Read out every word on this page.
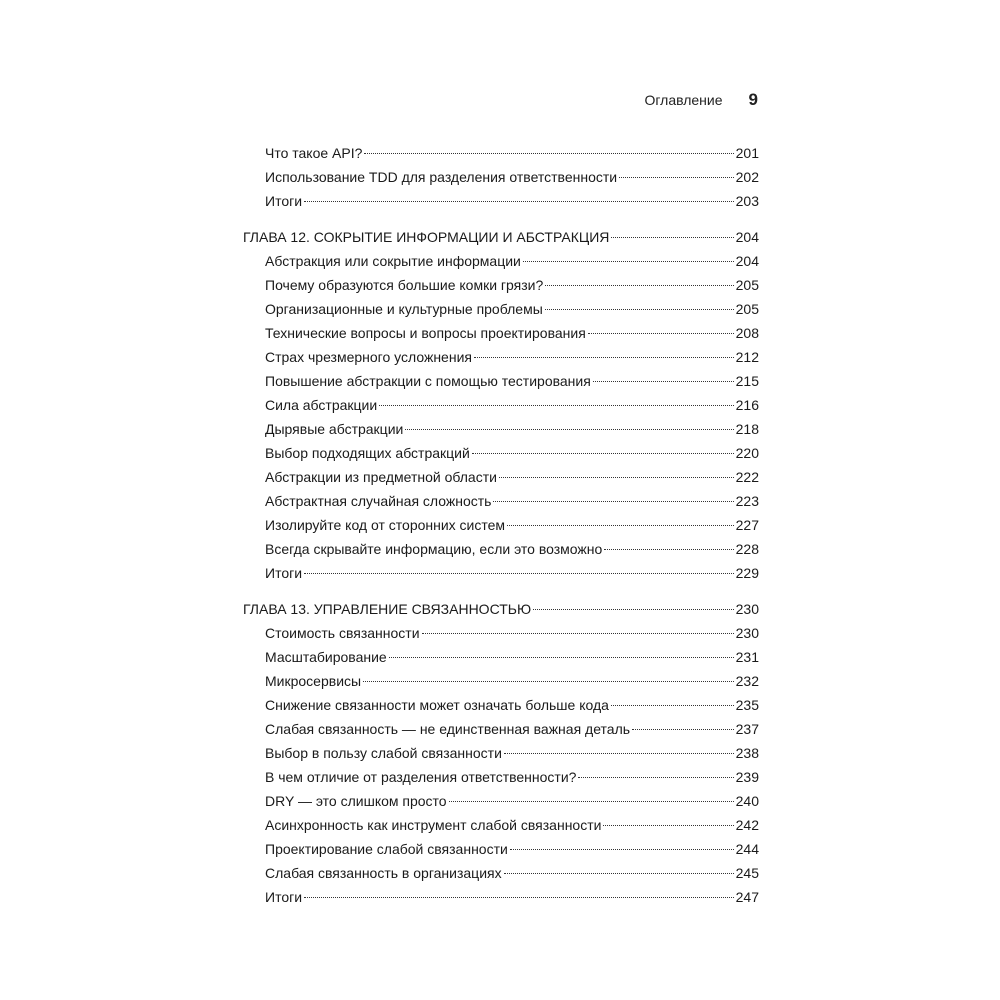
Оглавление 9
Что такое API?	201
Использование TDD для разделения ответственности	202
Итоги	203
ГЛАВА 12. СОКРЫТИЕ ИНФОРМАЦИИ И АБСТРАКЦИЯ	204
Абстракция или сокрытие информации	204
Почему образуются большие комки грязи?	205
Организационные и культурные проблемы	205
Технические вопросы и вопросы проектирования	208
Страх чрезмерного усложнения	212
Повышение абстракции с помощью тестирования	215
Сила абстракции	216
Дырявые абстракции	218
Выбор подходящих абстракций	220
Абстракции из предметной области	222
Абстрактная случайная сложность	223
Изолируйте код от сторонних систем	227
Всегда скрывайте информацию, если это возможно	228
Итоги	229
ГЛАВА 13. УПРАВЛЕНИЕ СВЯЗАННОСТЬЮ	230
Стоимость связанности	230
Масштабирование	231
Микросервисы	232
Снижение связанности может означать больше кода	235
Слабая связанность — не единственная важная деталь	237
Выбор в пользу слабой связанности	238
В чем отличие от разделения ответственности?	239
DRY — это слишком просто	240
Асинхронность как инструмент слабой связанности	242
Проектирование слабой связанности	244
Слабая связанность в организациях	245
Итоги	247
